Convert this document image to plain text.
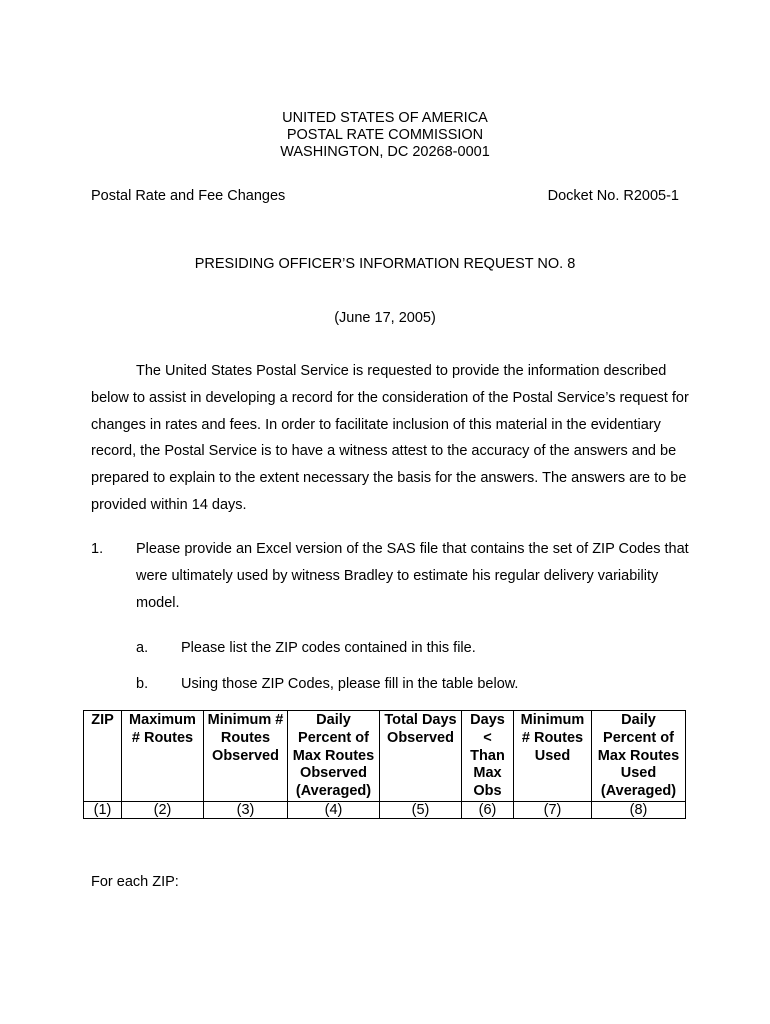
UNITED STATES OF AMERICA
POSTAL RATE COMMISSION
WASHINGTON, DC 20268-0001
Postal Rate and Fee Changes	Docket No. R2005-1
PRESIDING OFFICER’S INFORMATION REQUEST NO. 8
(June 17, 2005)

The United States Postal Service is requested to provide the information described below to assist in developing a record for the consideration of the Postal Service’s request for changes in rates and fees. In order to facilitate inclusion of this material in the evidentiary record, the Postal Service is to have a witness attest to the accuracy of the answers and be prepared to explain to the extent necessary the basis for the answers. The answers are to be provided within 14 days.

1. Please provide an Excel version of the SAS file that contains the set of ZIP Codes that were ultimately used by witness Bradley to estimate his regular delivery variability model.
a. Please list the ZIP codes contained in this file.
b. Using those ZIP Codes, please fill in the table below.
ZIP	Maximum # Routes	Minimum # Routes Observed	Daily Percent of Max Routes Observed (Averaged)	Total Days Observed	Days < Than Max Obs	Minimum # Routes Used	Daily Percent of Max Routes Used (Averaged)
(1)	(2)	(3)	(4)	(5)	(6)	(7)	(8)
For each ZIP:
